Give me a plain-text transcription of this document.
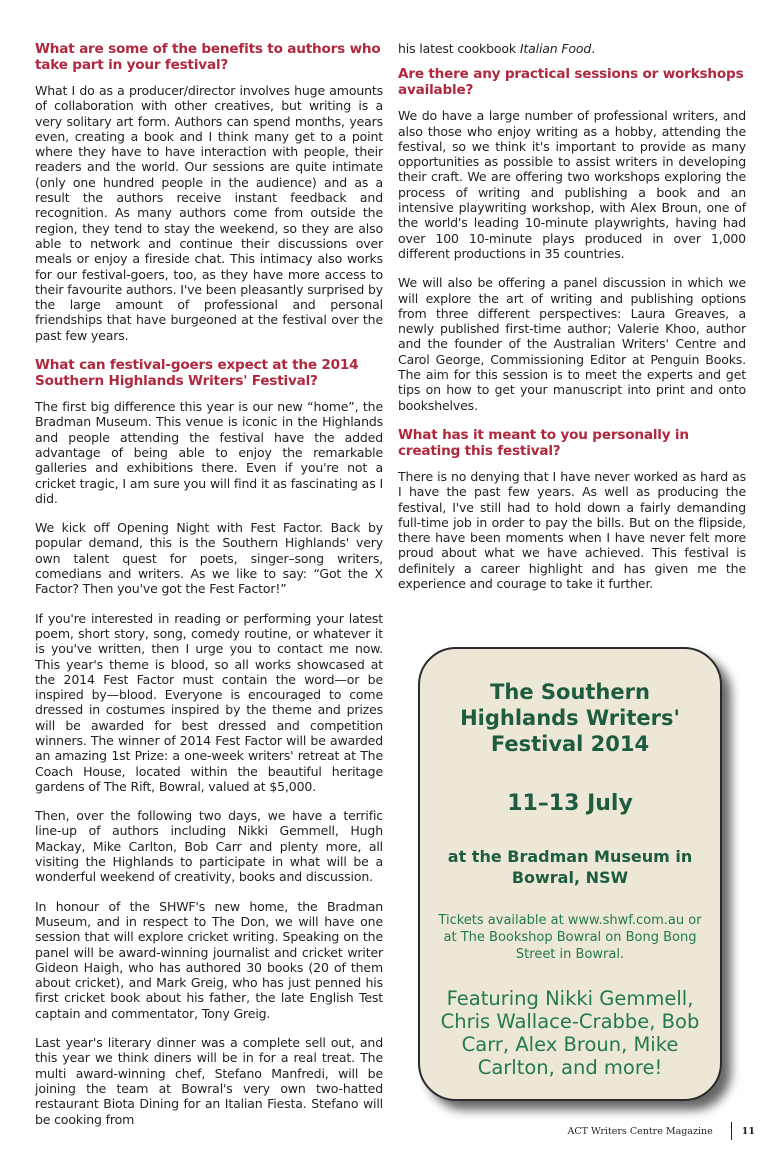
What are some of the benefits to authors who take part in your festival?
What I do as a producer/director involves huge amounts of collaboration with other creatives, but writing is a very solitary art form. Authors can spend months, years even, creating a book and I think many get to a point where they have to have interaction with people, their readers and the world. Our sessions are quite intimate (only one hundred people in the audience) and as a result the authors receive instant feedback and recognition. As many authors come from outside the region, they tend to stay the weekend, so they are also able to network and continue their discussions over meals or enjoy a fireside chat. This intimacy also works for our festival-goers, too, as they have more access to their favourite authors. I've been pleasantly surprised by the large amount of professional and personal friendships that have burgeoned at the festival over the past few years.
What can festival-goers expect at the 2014 Southern Highlands Writers' Festival?
The first big difference this year is our new “home”, the Bradman Museum. This venue is iconic in the Highlands and people attending the festival have the added advantage of being able to enjoy the remarkable galleries and exhibitions there. Even if you're not a cricket tragic, I am sure you will find it as fascinating as I did.
We kick off Opening Night with Fest Factor. Back by popular demand, this is the Southern Highlands' very own talent quest for poets, singer–song writers, comedians and writers. As we like to say: “Got the X Factor? Then you've got the Fest Factor!”
If you're interested in reading or performing your latest poem, short story, song, comedy routine, or whatever it is you've written, then I urge you to contact me now. This year's theme is blood, so all works showcased at the 2014 Fest Factor must contain the word—or be inspired by—blood. Everyone is encouraged to come dressed in costumes inspired by the theme and prizes will be awarded for best dressed and competition winners. The winner of 2014 Fest Factor will be awarded an amazing 1st Prize: a one-week writers' retreat at The Coach House, located within the beautiful heritage gardens of The Rift, Bowral, valued at $5,000.
Then, over the following two days, we have a terrific line-up of authors including Nikki Gemmell, Hugh Mackay, Mike Carlton, Bob Carr and plenty more, all visiting the Highlands to participate in what will be a wonderful weekend of creativity, books and discussion.
In honour of the SHWF's new home, the Bradman Museum, and in respect to The Don, we will have one session that will explore cricket writing. Speaking on the panel will be award-winning journalist and cricket writer Gideon Haigh, who has authored 30 books (20 of them about cricket), and Mark Greig, who has just penned his first cricket book about his father, the late English Test captain and commentator, Tony Greig.
Last year's literary dinner was a complete sell out, and this year we think diners will be in for a real treat. The multi award-winning chef, Stefano Manfredi, will be joining the team at Bowral's very own two-hatted restaurant Biota Dining for an Italian Fiesta. Stefano will be cooking from
his latest cookbook Italian Food.
Are there any practical sessions or workshops available?
We do have a large number of professional writers, and also those who enjoy writing as a hobby, attending the festival, so we think it's important to provide as many opportunities as possible to assist writers in developing their craft. We are offering two workshops exploring the process of writing and publishing a book and an intensive playwriting workshop, with Alex Broun, one of the world's leading 10-minute playwrights, having had over 100 10-minute plays produced in over 1,000 different productions in 35 countries.
We will also be offering a panel discussion in which we will explore the art of writing and publishing options from three different perspectives: Laura Greaves, a newly published first-time author; Valerie Khoo, author and the founder of the Australian Writers' Centre and Carol George, Commissioning Editor at Penguin Books. The aim for this session is to meet the experts and get tips on how to get your manuscript into print and onto bookshelves.
What has it meant to you personally in creating this festival?
There is no denying that I have never worked as hard as I have the past few years. As well as producing the festival, I've still had to hold down a fairly demanding full-time job in order to pay the bills. But on the flipside, there have been moments when I have never felt more proud about what we have achieved. This festival is definitely a career highlight and has given me the experience and courage to take it further.
The Southern Highlands Writers' Festival 2014
11–13 July
at the Bradman Museum in Bowral, NSW
Tickets available at www.shwf.com.au or at The Bookshop Bowral on Bong Bong Street in Bowral.
Featuring Nikki Gemmell, Chris Wallace-Crabbe, Bob Carr, Alex Broun, Mike Carlton, and more!
ACT Writers Centre Magazine	11
